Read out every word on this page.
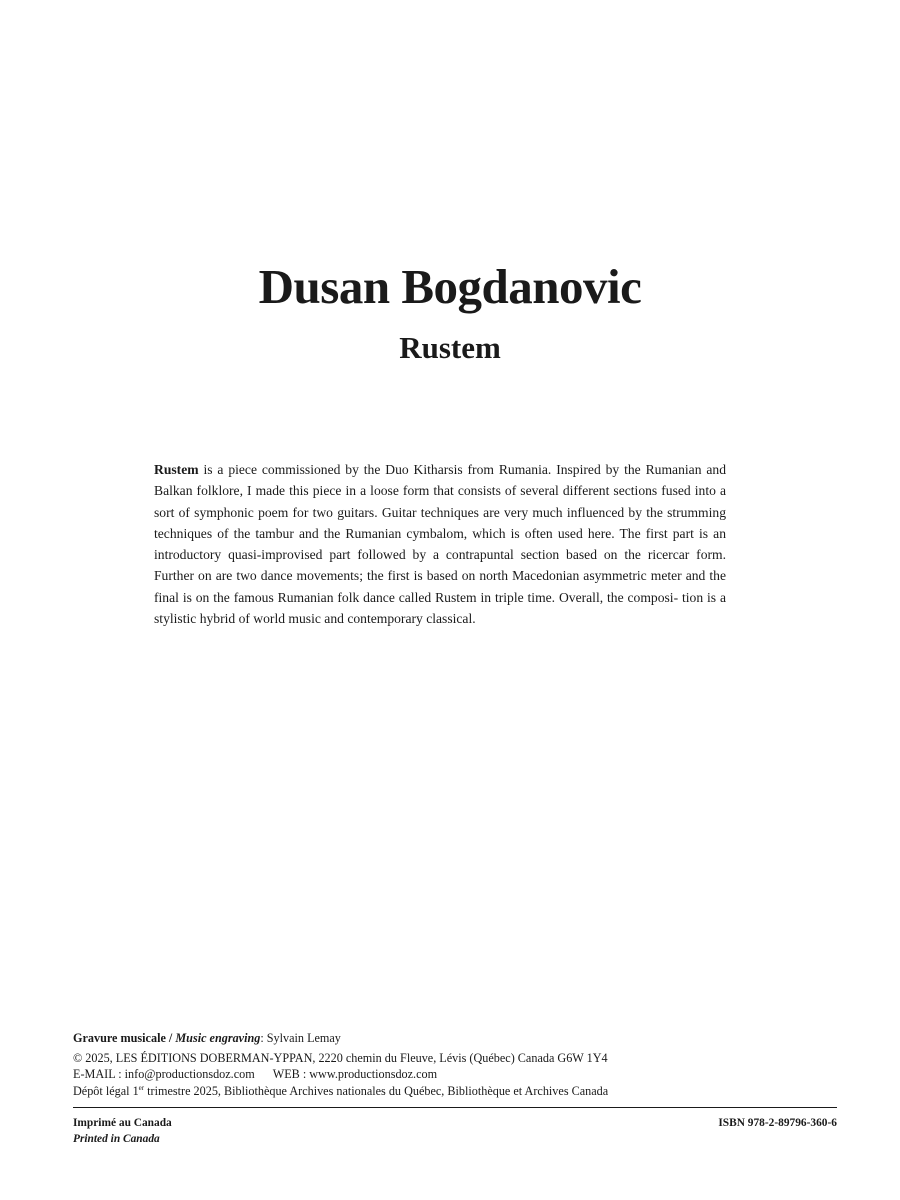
Dusan Bogdanovic
Rustem
Rustem is a piece commissioned by the Duo Kitharsis from Rumania. Inspired by the Rumanian and Balkan folklore, I made this piece in a loose form that consists of several different sections fused into a sort of symphonic poem for two guitars. Guitar techniques are very much influenced by the strumming techniques of the tambur and the Rumanian cymbalom, which is often used here. The first part is an introductory quasi-improvised part followed by a contrapuntal section based on the ricercar form. Further on are two dance movements; the first is based on north Macedonian asymmetric meter and the final is on the famous Rumanian folk dance called Rustem in triple time. Overall, the composi- tion is a stylistic hybrid of world music and contemporary classical.
Gravure musicale / Music engraving: Sylvain Lemay
© 2025, LES ÉDITIONS DOBERMAN-YPPAN, 2220 chemin du Fleuve, Lévis (Québec) Canada G6W 1Y4
E-MAIL : info@productionsdoz.com WEB : www.productionsdoz.com
Dépôt légal 1er trimestre 2025, Bibliothèque Archives nationales du Québec, Bibliothèque et Archives Canada
Imprimé au Canada
Printed in Canada
ISBN 978-2-89796-360-6
